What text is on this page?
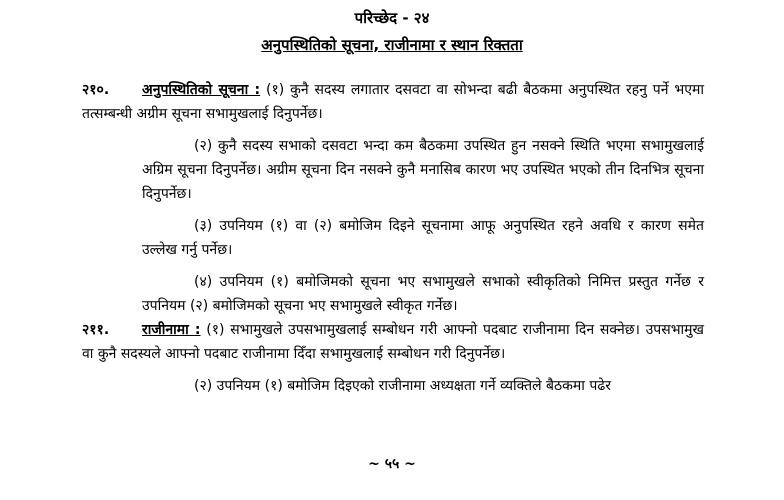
परिच्छेद - २४
अनुपस्थितिको सूचना, राजीनामा र स्थान रिक्तता

२१०. अनुपस्थितिको सूचना : (१) कुनै सदस्य लगातार दसवटा वा सोभन्दा बढी बैठकमा अनुपस्थित रहनु पर्ने भएमा तत्सम्बन्धी अग्रीम सूचना सभामुखलाई दिनुपर्नेछ।

(२) कुनै सदस्य सभाको दसवटा भन्दा कम बैठकमा उपस्थित हुन नसक्ने स्थिति भएमा सभामुखलाई अग्रिम सूचना दिनुपर्नेछ। अग्रीम सूचना दिन नसक्ने कुनै मनासिब कारण भए उपस्थित भएको तीन दिनभित्र सूचना दिनुपर्नेछ।

(३) उपनियम (१) वा (२) बमोजिम दिइने सूचनामा आफू अनुपस्थित रहने अवधि र कारण समेत उल्लेख गर्नु पर्नेछ।

(४) उपनियम (१) बमोजिमको सूचना भए सभामुखले सभाको स्वीकृतिको निमित्त प्रस्तुत गर्नेछ र उपनियम (२) बमोजिमको सूचना भए सभामुखले स्वीकृत गर्नेछ।

२११. राजीनामा : (१) सभामुखले उपसभामुखलाई सम्बोधन गरी आफ्नो पदबाट राजीनामा दिन सक्नेछ। उपसभामुख वा कुनै सदस्यले आफ्नो पदबाट राजीनामा दिँदा सभामुखलाई सम्बोधन गरी दिनुपर्नेछ।

(२) उपनियम (१) बमोजिम दिइएको राजीनामा अध्यक्षता गर्ने व्यक्तिले बैठकमा पढेर

~ ५५ ~
